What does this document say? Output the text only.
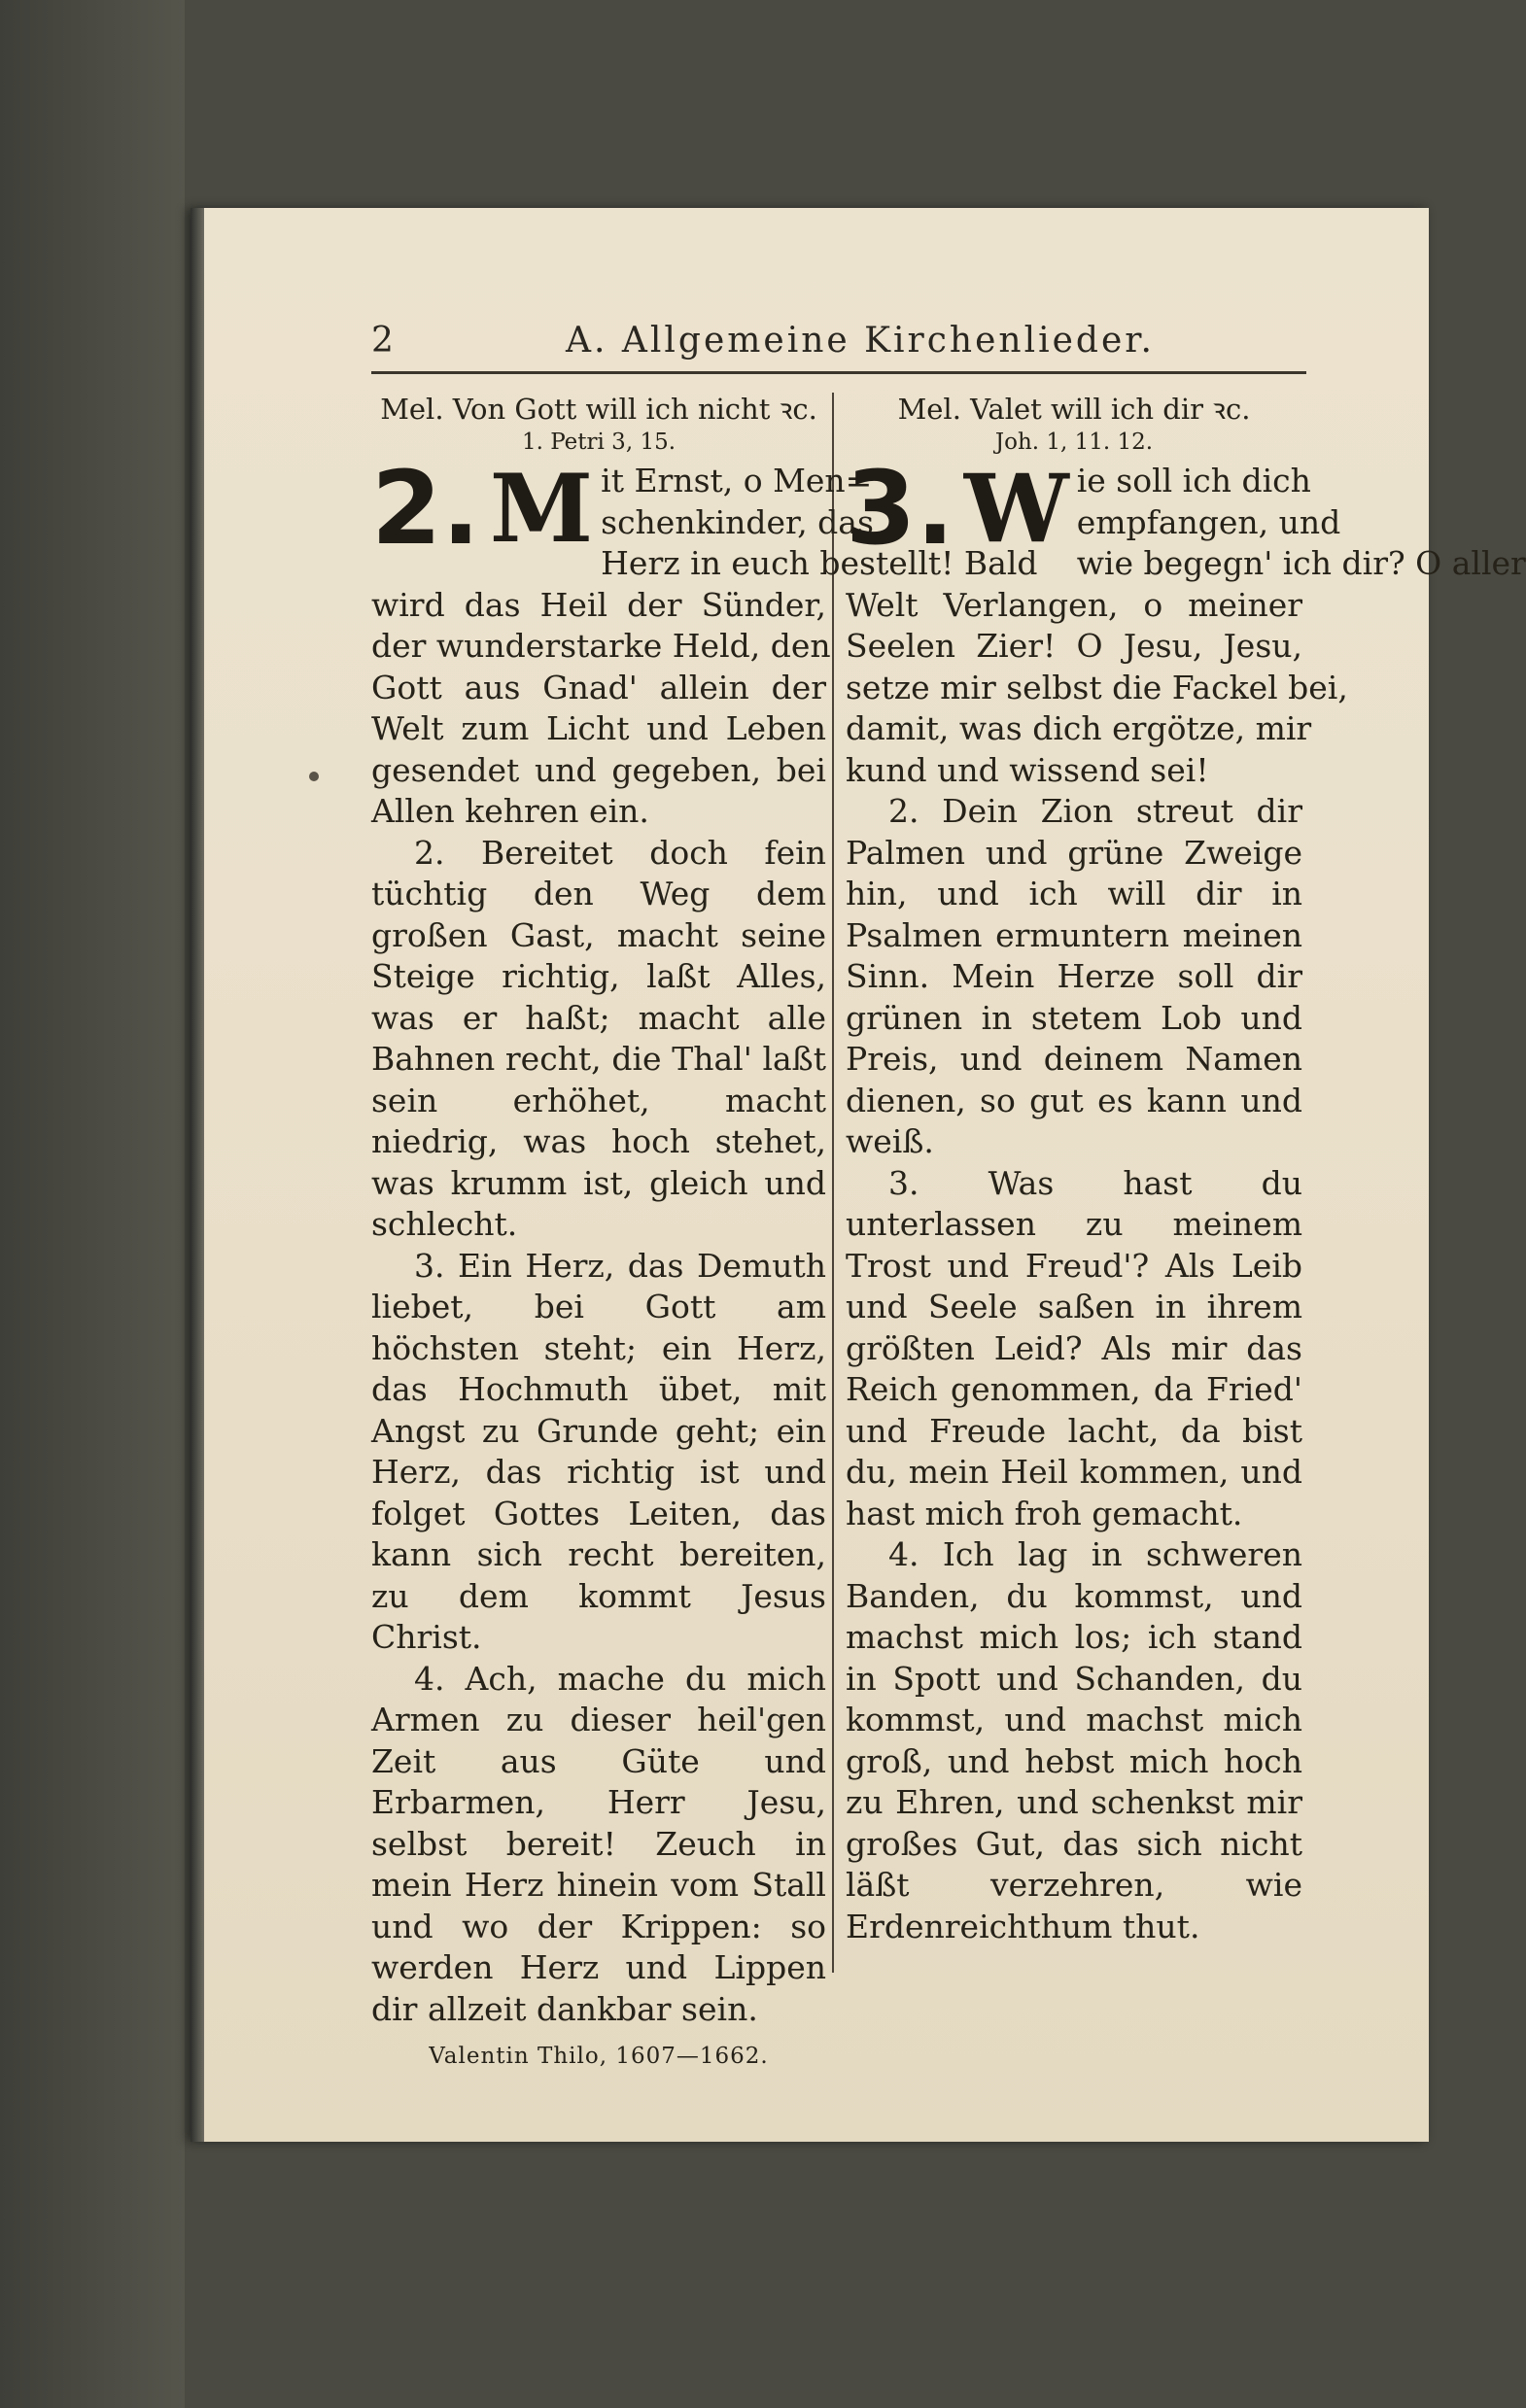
2	A. Allgemeine Kirchenlieder.
Mel. Von Gott will ich nicht ꝛc.
1. Petri 3, 15.
2. M it Ernst, o Men=
schenkinder, das
Herz in euch bestellt! Bald
wird das Heil der Sünder,
der wunderstarke Held, den
Gott aus Gnad' allein der
Welt zum Licht und Leben
gesendet und gegeben, bei
Allen kehren ein.

2. Bereitet doch fein tüchtig den Weg dem großen Gast, macht seine Steige richtig, laßt Alles, was er haßt; macht alle Bahnen recht, die Thal' laßt sein erhöhet, macht niedrig, was hoch stehet, was krumm ist, gleich und schlecht.

3. Ein Herz, das Demuth liebet, bei Gott am höchsten steht; ein Herz, das Hochmuth übet, mit Angst zu Grunde geht; ein Herz, das richtig ist und folget Gottes Leiten, das kann sich recht bereiten, zu dem kommt Jesus Christ.

4. Ach, mache du mich Armen zu dieser heil'gen Zeit aus Güte und Erbarmen, Herr Jesu, selbst bereit! Zeuch in mein Herz hinein vom Stall und wo der Krippen: so werden Herz und Lippen dir allzeit dankbar sein.

Valentin Thilo, 1607—1662.
Mel. Valet will ich dir ꝛc.
Joh. 1, 11. 12.
3. W ie soll ich dich
empfangen, und
wie begegn' ich dir? O aller
Welt Verlangen, o meiner
Seelen Zier! O Jesu, Jesu,
setze mir selbst die Fackel bei,
damit, was dich ergötze, mir
kund und wissend sei!

2. Dein Zion streut dir Palmen und grüne Zweige hin, und ich will dir in Psalmen ermuntern meinen Sinn. Mein Herze soll dir grünen in stetem Lob und Preis, und deinem Namen dienen, so gut es kann und weiß.

3. Was hast du unterlassen zu meinem Trost und Freud'? Als Leib und Seele saßen in ihrem größten Leid? Als mir das Reich genommen, da Fried' und Freude lacht, da bist du, mein Heil kommen, und hast mich froh gemacht.

4. Ich lag in schweren Banden, du kommst, und machst mich los; ich stand in Spott und Schanden, du kommst, und machst mich groß, und hebst mich hoch zu Ehren, und schenkst mir großes Gut, das sich nicht läßt verzehren, wie Erdenreichthum thut.
